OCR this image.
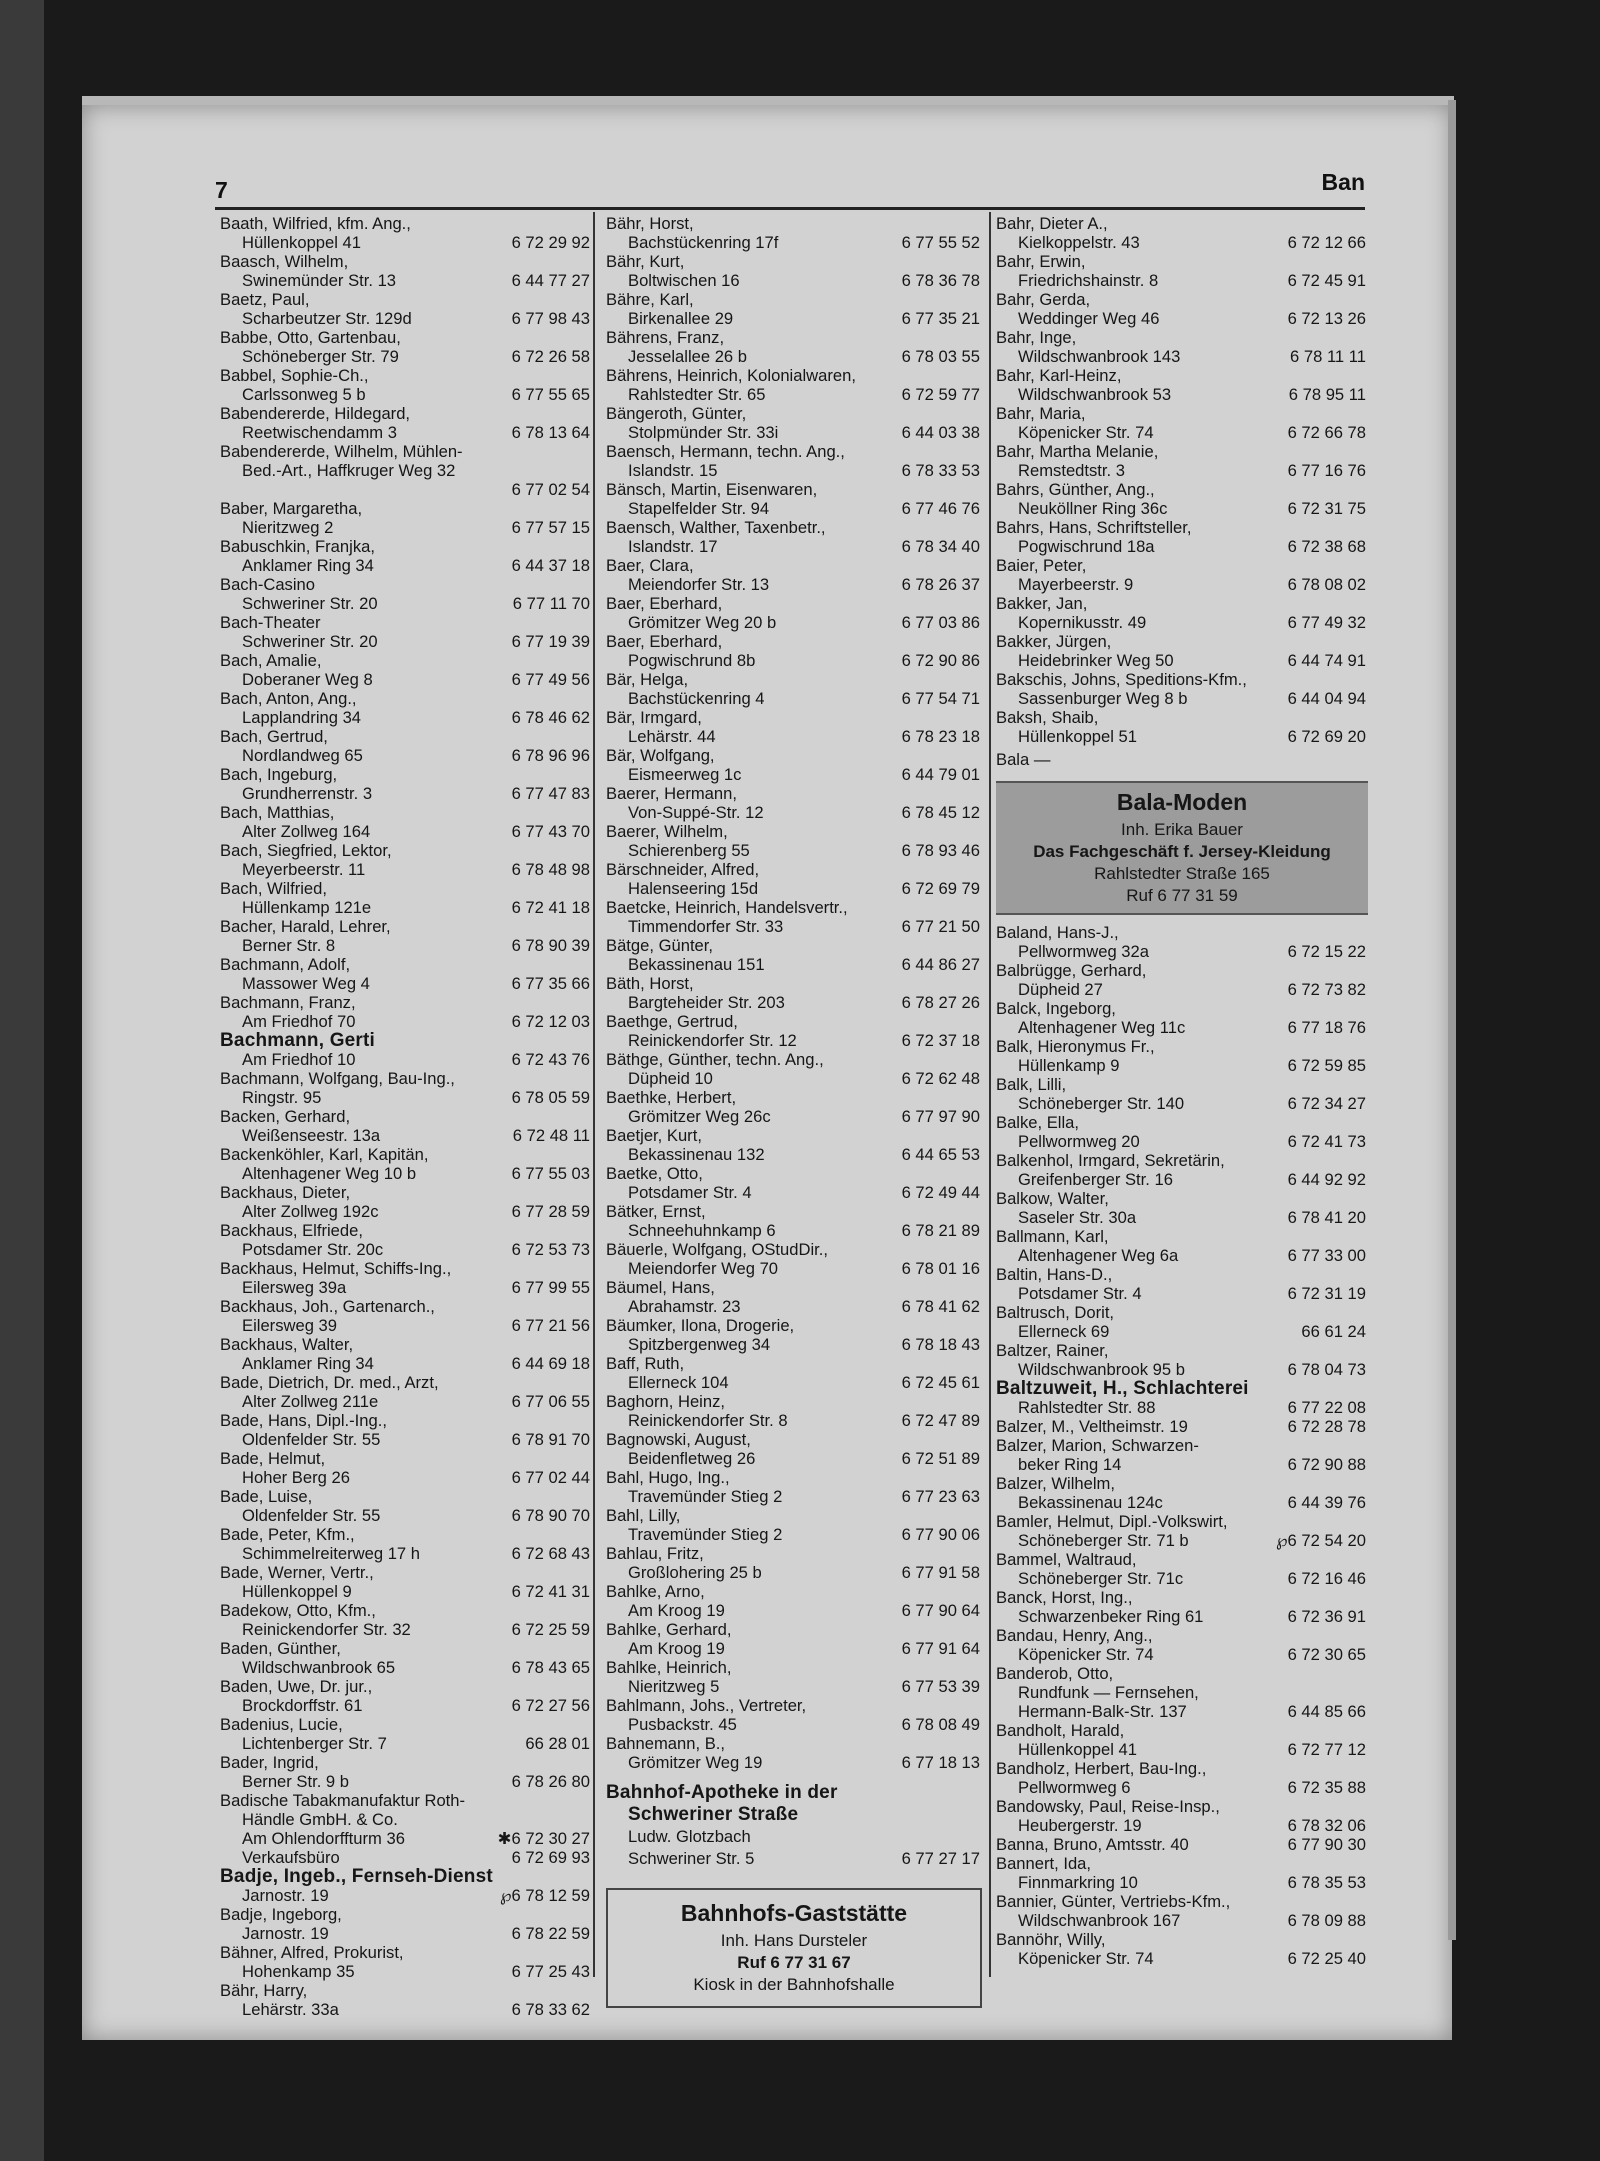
7	Ban
Baath, Wilfried, kfm. Ang.,
Hüllenkoppel 41	6 72 29 92
Baasch, Wilhelm,
Swinemünder Str. 13	6 44 77 27
Baetz, Paul,
Scharbeutzer Str. 129d	6 77 98 43
Babbe, Otto, Gartenbau,
Schöneberger Str. 79	6 72 26 58
Babbel, Sophie-Ch.,
Carlssonweg 5 b	6 77 55 65
Babendererde, Hildegard,
Reetwischendamm 3	6 78 13 64
Babendererde, Wilhelm, Mühlen-
Bed.-Art., Haffkruger Weg 32
6 77 02 54
Baber, Margaretha,
Nieritzweg 2	6 77 57 15
Babuschkin, Franjka,
Anklamer Ring 34	6 44 37 18
Bach-Casino
Schweriner Str. 20	6 77 11 70
Bach-Theater
Schweriner Str. 20	6 77 19 39
Bach, Amalie,
Doberaner Weg 8	6 77 49 56
Bach, Anton, Ang.,
Lapplandring 34	6 78 46 62
Bach, Gertrud,
Nordlandweg 65	6 78 96 96
Bach, Ingeburg,
Grundherrenstr. 3	6 77 47 83
Bach, Matthias,
Alter Zollweg 164	6 77 43 70
Bach, Siegfried, Lektor,
Meyerbeerstr. 11	6 78 48 98
Bach, Wilfried,
Hüllenkamp 121e	6 72 41 18
Bacher, Harald, Lehrer,
Berner Str. 8	6 78 90 39
Bachmann, Adolf,
Massower Weg 4	6 77 35 66
Bachmann, Franz,
Am Friedhof 70	6 72 12 03
Bachmann, Gerti
Am Friedhof 10	6 72 43 76
Bachmann, Wolfgang, Bau-Ing.,
Ringstr. 95	6 78 05 59
Backen, Gerhard,
Weißenseestr. 13a	6 72 48 11
Backenköhler, Karl, Kapitän,
Altenhagener Weg 10 b	6 77 55 03
Backhaus, Dieter,
Alter Zollweg 192c	6 77 28 59
Backhaus, Elfriede,
Potsdamer Str. 20c	6 72 53 73
Backhaus, Helmut, Schiffs-Ing.,
Eilersweg 39a	6 77 99 55
Backhaus, Joh., Gartenarch.,
Eilersweg 39	6 77 21 56
Backhaus, Walter,
Anklamer Ring 34	6 44 69 18
Bade, Dietrich, Dr. med., Arzt,
Alter Zollweg 211e	6 77 06 55
Bade, Hans, Dipl.-Ing.,
Oldenfelder Str. 55	6 78 91 70
Bade, Helmut,
Hoher Berg 26	6 77 02 44
Bade, Luise,
Oldenfelder Str. 55	6 78 90 70
Bade, Peter, Kfm.,
Schimmelreiterweg 17 h	6 72 68 43
Bade, Werner, Vertr.,
Hüllenkoppel 9	6 72 41 31
Badekow, Otto, Kfm.,
Reinickendorfer Str. 32	6 72 25 59
Baden, Günther,
Wildschwanbrook 65	6 78 43 65
Baden, Uwe, Dr. jur.,
Brockdorffstr. 61	6 72 27 56
Badenius, Lucie,
Lichtenberger Str. 7	66 28 01
Bader, Ingrid,
Berner Str. 9 b	6 78 26 80
Badische Tabakmanufaktur Roth-
Händle GmbH. & Co.
Am Ohlendorffturm 36	✱6 72 30 27
Verkaufsbüro	6 72 69 93
Badje, Ingeb., Fernseh-Dienst
Jarnostr. 19	℘6 78 12 59
Badje, Ingeborg,
Jarnostr. 19	6 78 22 59
Bähner, Alfred, Prokurist,
Hohenkamp 35	6 77 25 43
Bähr, Harry,
Lehärstr. 33a	6 78 33 62
Bähr, Horst,
Bachstückenring 17f	6 77 55 52
Bähr, Kurt,
Boltwischen 16	6 78 36 78
Bähre, Karl,
Birkenallee 29	6 77 35 21
Bährens, Franz,
Jesselallee 26 b	6 78 03 55
Bährens, Heinrich, Kolonialwaren,
Rahlstedter Str. 65	6 72 59 77
Bängeroth, Günter,
Stolpmünder Str. 33i	6 44 03 38
Baensch, Hermann, techn. Ang.,
Islandstr. 15	6 78 33 53
Bänsch, Martin, Eisenwaren,
Stapelfelder Str. 94	6 77 46 76
Baensch, Walther, Taxenbetr.,
Islandstr. 17	6 78 34 40
Baer, Clara,
Meiendorfer Str. 13	6 78 26 37
Baer, Eberhard,
Grömitzer Weg 20 b	6 77 03 86
Baer, Eberhard,
Pogwischrund 8b	6 72 90 86
Bär, Helga,
Bachstückenring 4	6 77 54 71
Bär, Irmgard,
Lehärstr. 44	6 78 23 18
Bär, Wolfgang,
Eismeerweg 1c	6 44 79 01
Baerer, Hermann,
Von-Suppé-Str. 12	6 78 45 12
Baerer, Wilhelm,
Schierenberg 55	6 78 93 46
Bärschneider, Alfred,
Halenseering 15d	6 72 69 79
Baetcke, Heinrich, Handelsvertr.,
Timmendorfer Str. 33	6 77 21 50
Bätge, Günter,
Bekassinenau 151	6 44 86 27
Bäth, Horst,
Bargteheider Str. 203	6 78 27 26
Baethge, Gertrud,
Reinickendorfer Str. 12	6 72 37 18
Bäthge, Günther, techn. Ang.,
Düpheid 10	6 72 62 48
Baethke, Herbert,
Grömitzer Weg 26c	6 77 97 90
Baetjer, Kurt,
Bekassinenau 132	6 44 65 53
Baetke, Otto,
Potsdamer Str. 4	6 72 49 44
Bätker, Ernst,
Schneehuhnkamp 6	6 78 21 89
Bäuerle, Wolfgang, OStudDir.,
Meiendorfer Weg 70	6 78 01 16
Bäumel, Hans,
Abrahamstr. 23	6 78 41 62
Bäumker, Ilona, Drogerie,
Spitzbergenweg 34	6 78 18 43
Baff, Ruth,
Ellerneck 104	6 72 45 61
Baghorn, Heinz,
Reinickendorfer Str. 8	6 72 47 89
Bagnowski, August,
Beidenfletweg 26	6 72 51 89
Bahl, Hugo, Ing.,
Travemünder Stieg 2	6 77 23 63
Bahl, Lilly,
Travemünder Stieg 2	6 77 90 06
Bahlau, Fritz,
Großlohering 25 b	6 77 91 58
Bahlke, Arno,
Am Kroog 19	6 77 90 64
Bahlke, Gerhard,
Am Kroog 19	6 77 91 64
Bahlke, Heinrich,
Nieritzweg 5	6 77 53 39
Bahlmann, Johs., Vertreter,
Pusbackstr. 45	6 78 08 49
Bahnemann, B.,
Grömitzer Weg 19	6 77 18 13
Bahnhof-Apotheke in der
Schweriner Straße
Ludw. Glotzbach
Schweriner Str. 5	6 77 27 17
Bahnhofs-Gaststätte
Inh. Hans Dursteler
Ruf 6 77 31 67
Kiosk in der Bahnhofshalle
Bahr, Dieter A.,
Kielkoppelstr. 43	6 72 12 66
Bahr, Erwin,
Friedrichshainstr. 8	6 72 45 91
Bahr, Gerda,
Weddinger Weg 46	6 72 13 26
Bahr, Inge,
Wildschwanbrook 143	6 78 11 11
Bahr, Karl-Heinz,
Wildschwanbrook 53	6 78 95 11
Bahr, Maria,
Köpenicker Str. 74	6 72 66 78
Bahr, Martha Melanie,
Remstedtstr. 3	6 77 16 76
Bahrs, Günther, Ang.,
Neuköllner Ring 36c	6 72 31 75
Bahrs, Hans, Schriftsteller,
Pogwischrund 18a	6 72 38 68
Baier, Peter,
Mayerbeerstr. 9	6 78 08 02
Bakker, Jan,
Kopernikusstr. 49	6 77 49 32
Bakker, Jürgen,
Heidebrinker Weg 50	6 44 74 91
Bakschis, Johns, Speditions-Kfm.,
Sassenburger Weg 8 b	6 44 04 94
Baksh, Shaib,
Hüllenkoppel 51	6 72 69 20
Bala —
Bala-Moden
Inh. Erika Bauer
Das Fachgeschäft f. Jersey-Kleidung
Rahlstedter Straße 165
Ruf 6 77 31 59
Baland, Hans-J.,
Pellwormweg 32a	6 72 15 22
Balbrügge, Gerhard,
Düpheid 27	6 72 73 82
Balck, Ingeborg,
Altenhagener Weg 11c	6 77 18 76
Balk, Hieronymus Fr.,
Hüllenkamp 9	6 72 59 85
Balk, Lilli,
Schöneberger Str. 140	6 72 34 27
Balke, Ella,
Pellwormweg 20	6 72 41 73
Balkenhol, Irmgard, Sekretärin,
Greifenberger Str. 16	6 44 92 92
Balkow, Walter,
Saseler Str. 30a	6 78 41 20
Ballmann, Karl,
Altenhagener Weg 6a	6 77 33 00
Baltin, Hans-D.,
Potsdamer Str. 4	6 72 31 19
Baltrusch, Dorit,
Ellerneck 69	66 61 24
Baltzer, Rainer,
Wildschwanbrook 95 b	6 78 04 73
Baltzuweit, H., Schlachterei
Rahlstedter Str. 88	6 77 22 08
Balzer, M., Veltheimstr. 19	6 72 28 78
Balzer, Marion, Schwarzen-
beker Ring 14	6 72 90 88
Balzer, Wilhelm,
Bekassinenau 124c	6 44 39 76
Bamler, Helmut, Dipl.-Volkswirt,
Schöneberger Str. 71 b	℘6 72 54 20
Bammel, Waltraud,
Schöneberger Str. 71c	6 72 16 46
Banck, Horst, Ing.,
Schwarzenbeker Ring 61	6 72 36 91
Bandau, Henry, Ang.,
Köpenicker Str. 74	6 72 30 65
Banderob, Otto,
Rundfunk — Fernsehen,
Hermann-Balk-Str. 137	6 44 85 66
Bandholt, Harald,
Hüllenkoppel 41	6 72 77 12
Bandholz, Herbert, Bau-Ing.,
Pellwormweg 6	6 72 35 88
Bandowsky, Paul, Reise-Insp.,
Heubergerstr. 19	6 78 32 06
Banna, Bruno, Amtsstr. 40	6 77 90 30
Bannert, Ida,
Finnmarkring 10	6 78 35 53
Bannier, Günter, Vertriebs-Kfm.,
Wildschwanbrook 167	6 78 09 88
Bannöhr, Willy,
Köpenicker Str. 74	6 72 25 40
